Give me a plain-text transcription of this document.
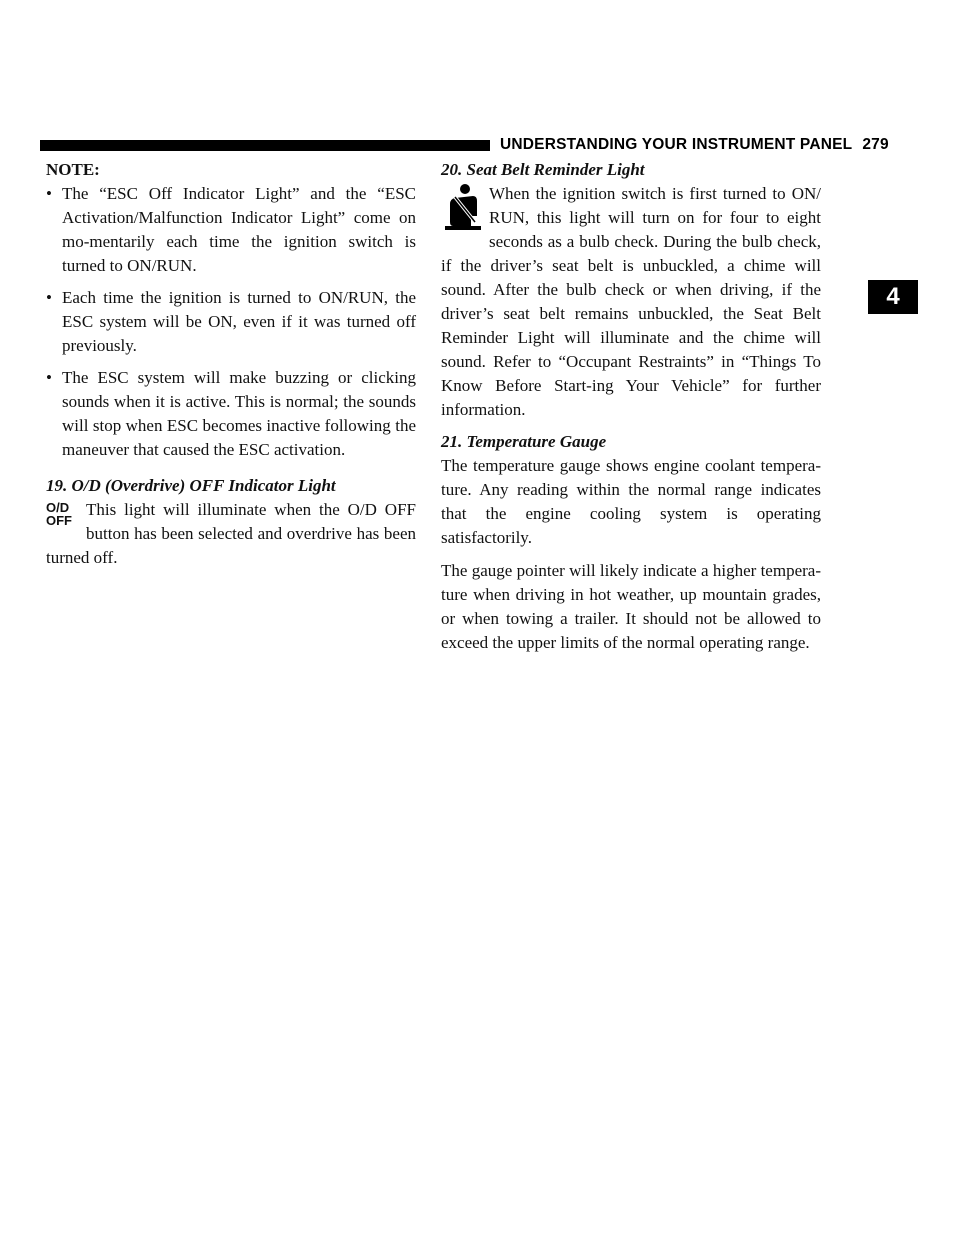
UNDERSTANDING YOUR INSTRUMENT PANEL 279
4
NOTE:
• The “ESC Off Indicator Light” and the “ESC Activation/Malfunction Indicator Light” come on mo-mentarily each time the ignition switch is turned to ON/RUN.
• Each time the ignition is turned to ON/RUN, the ESC system will be ON, even if it was turned off previously.
• The ESC system will make buzzing or clicking sounds when it is active. This is normal; the sounds will stop when ESC becomes inactive following the maneuver that caused the ESC activation.
19. O/D (Overdrive) OFF Indicator Light
O/D
OFF
This light will illuminate when the O/D OFF button has been selected and overdrive has been turned off.
20. Seat Belt Reminder Light
When the ignition switch is first turned to ON/ RUN, this light will turn on for four to eight seconds as a bulb check. During the bulb check, if the driver’s seat belt is unbuckled, a chime will sound. After the bulb check or when driving, if the driver’s seat belt remains unbuckled, the Seat Belt Reminder Light will illuminate and the chime will sound. Refer to “Occupant Restraints” in “Things To Know Before Start-ing Your Vehicle” for further information.
21. Temperature Gauge

The temperature gauge shows engine coolant tempera-ture. Any reading within the normal range indicates that the engine cooling system is operating satisfactorily.

The gauge pointer will likely indicate a higher tempera-ture when driving in hot weather, up mountain grades, or when towing a trailer. It should not be allowed to exceed the upper limits of the normal operating range.
